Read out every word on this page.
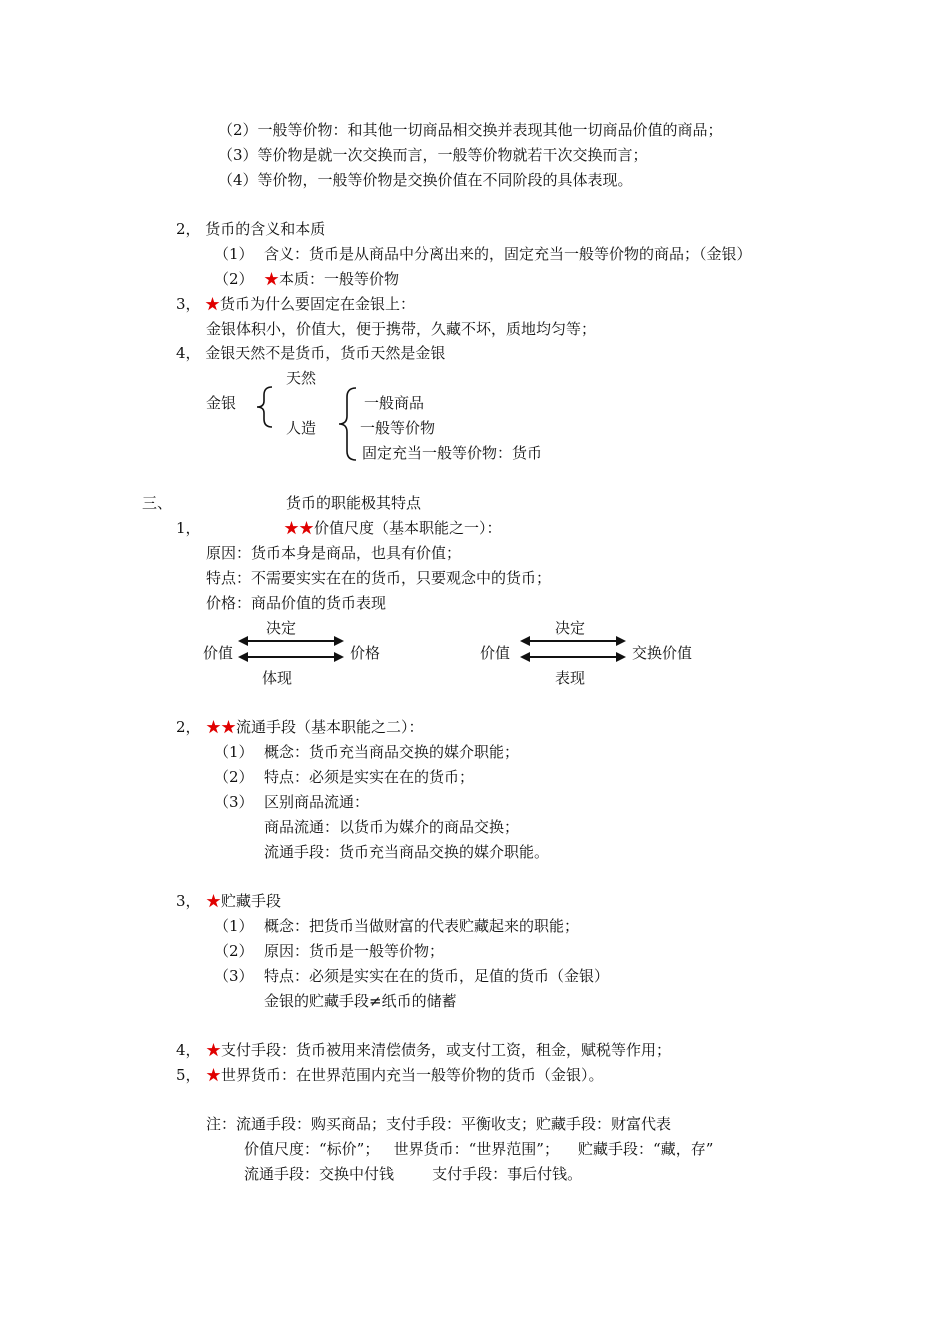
（2）一般等价物：和其他一切商品相交换并表现其他一切商品价值的商品；
（3）等价物是就一次交换而言，一般等价物就若干次交换而言；
（4）等价物，一般等价物是交换价值在不同阶段的具体表现。
2， 货币的含义和本质
（1） 含义：货币是从商品中分离出来的，固定充当一般等价物的商品；（金银）
（2） ★本质：一般等价物
3， ★货币为什么要固定在金银上：
金银体积小，价值大，便于携带，久藏不坏，质地均匀等；
4， 金银天然不是货币，货币天然是金银
天然
金银
人造
一般商品
一般等价物
固定充当一般等价物：货币
三、	货币的职能极其特点
1，	★★价值尺度（基本职能之一）：
原因：货币本身是商品，也具有价值；
特点：不需要实实在在的货币，只要观念中的货币；
价格：商品价值的货币表现
决定
价值	价格
体现
决定
价值	交换价值
表现
2， ★★流通手段（基本职能之二）：
（1） 概念：货币充当商品交换的媒介职能；
（2） 特点：必须是实实在在的货币；
（3） 区别商品流通：
商品流通：以货币为媒介的商品交换；
流通手段：货币充当商品交换的媒介职能。
3， ★贮藏手段
（1） 概念：把货币当做财富的代表贮藏起来的职能；
（2） 原因：货币是一般等价物；
（3） 特点：必须是实实在在的货币，足值的货币（金银）
金银的贮藏手段≠纸币的储蓄
4， ★支付手段：货币被用来清偿债务，或支付工资，租金，赋税等作用；
5， ★世界货币：在世界范围内充当一般等价物的货币（金银）。
注：流通手段：购买商品；支付手段：平衡收支；贮藏手段：财富代表
价值尺度：“标价”；   世界货币：“世界范围”；    贮藏手段：“藏，存”
流通手段：交换中付钱        支付手段：事后付钱。
